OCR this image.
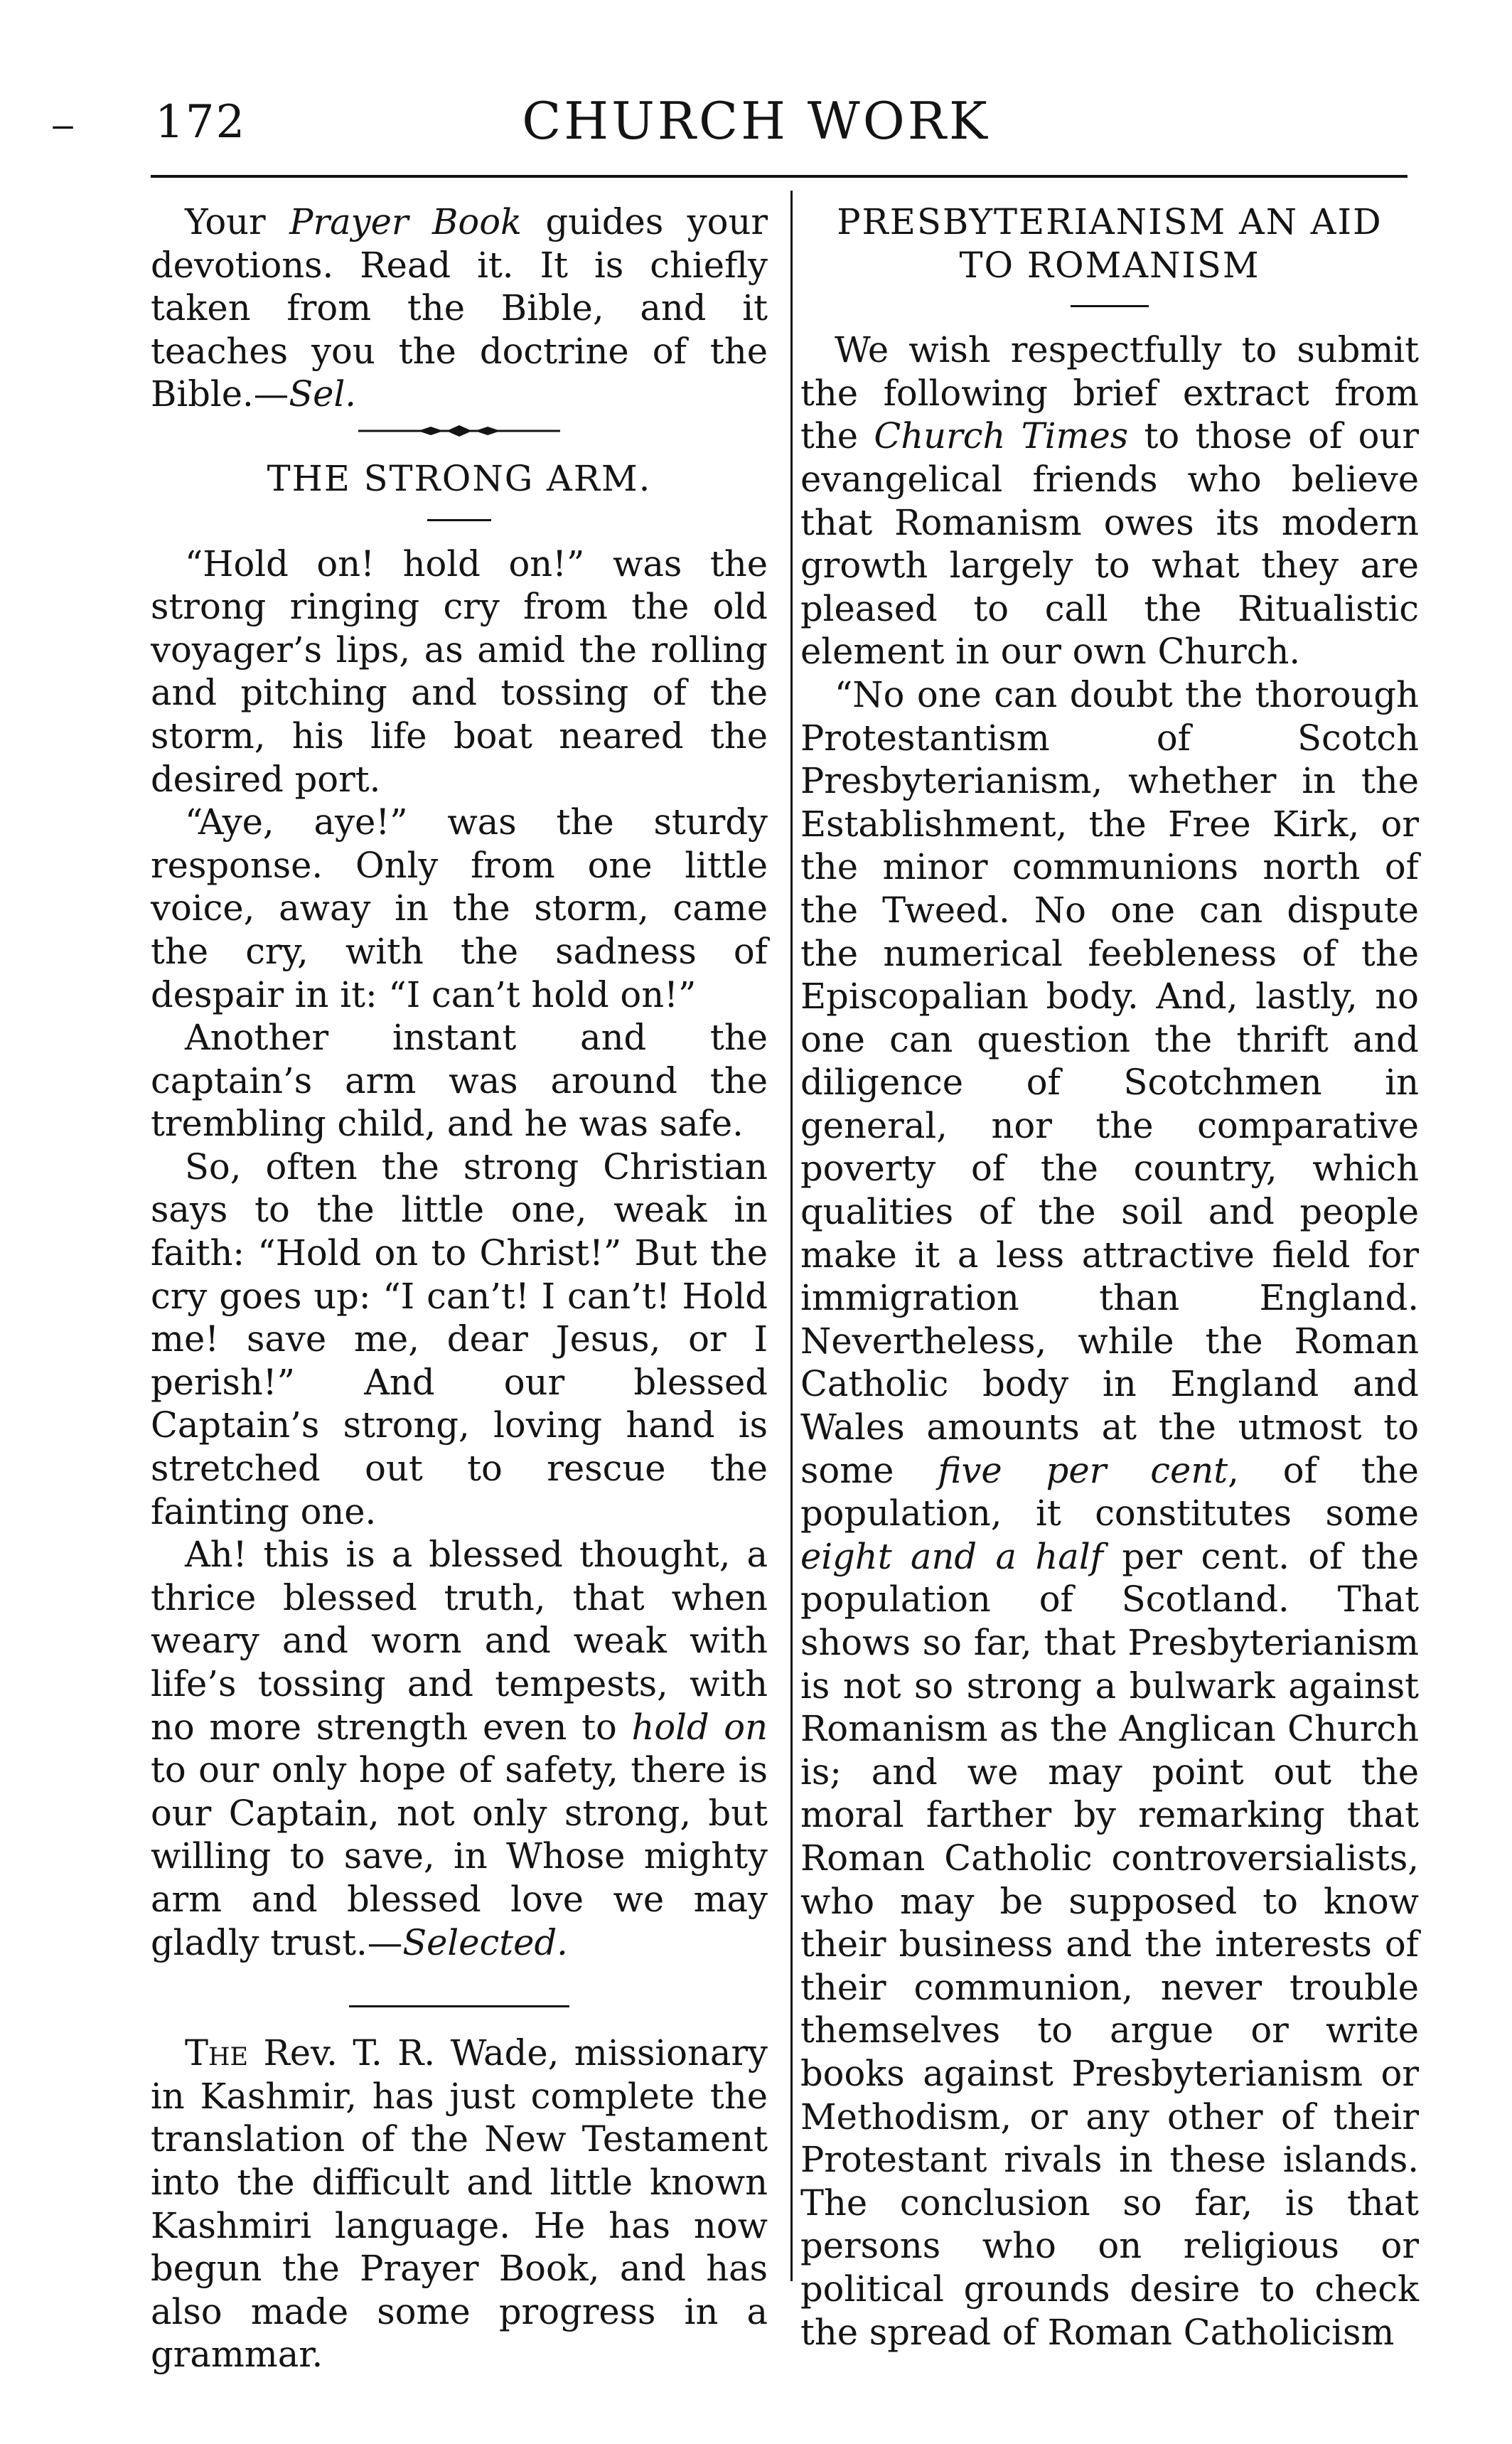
‒ 172	CHURCH WORK

Your Prayer Book guides your devotions. Read it. It is chiefly taken from the Bible, and it teaches you the doctrine of the Bible.—Sel.

THE STRONG ARM.

“Hold on! hold on!” was the strong ringing cry from the old voyager’s lips, as amid the rolling and pitching and tossing of the storm, his life boat neared the desired port.

“Aye, aye!” was the sturdy response. Only from one little voice, away in the storm, came the cry, with the sadness of despair in it: “I can’t hold on!”

Another instant and the captain’s arm was around the trembling child, and he was safe.

So, often the strong Christian says to the little one, weak in faith: “Hold on to Christ!” But the cry goes up: “I can’t! I can’t! Hold me! save me, dear Jesus, or I perish!” And our blessed Captain’s strong, loving hand is stretched out to rescue the fainting one.

Ah! this is a blessed thought, a thrice blessed truth, that when weary and worn and weak with life’s tossing and tempests, with no more strength even to hold on to our only hope of safety, there is our Captain, not only strong, but willing to save, in Whose mighty arm and blessed love we may gladly trust.—Selected.

The Rev. T. R. Wade, missionary in Kashmir, has just complete the translation of the New Testament into the difficult and little known Kashmiri language. He has now begun the Prayer Book, and has also made some progress in a grammar.

PRESBYTERIANISM AN AID
TO ROMANISM

We wish respectfully to submit the following brief extract from the Church Times to those of our evangelical friends who believe that Romanism owes its modern growth largely to what they are pleased to call the Ritualistic element in our own Church.

“No one can doubt the thorough Protestantism of Scotch Presbyterianism, whether in the Establishment, the Free Kirk, or the minor communions north of the Tweed. No one can dispute the numerical feebleness of the Episcopalian body. And, lastly, no one can question the thrift and diligence of Scotchmen in general, nor the comparative poverty of the country, which qualities of the soil and people make it a less attractive field for immigration than England. Nevertheless, while the Roman Catholic body in England and Wales amounts at the utmost to some five per cent, of the population, it constitutes some eight and a half per cent. of the population of Scotland. That shows so far, that Presbyterianism is not so strong a bulwark against Romanism as the Anglican Church is; and we may point out the moral farther by remarking that Roman Catholic controversialists, who may be supposed to know their business and the interests of their communion, never trouble themselves to argue or write books against Presbyterianism or Methodism, or any other of their Protestant rivals in these islands. The conclusion so far, is that persons who on religious or political grounds desire to check the spread of Roman Catholicism
